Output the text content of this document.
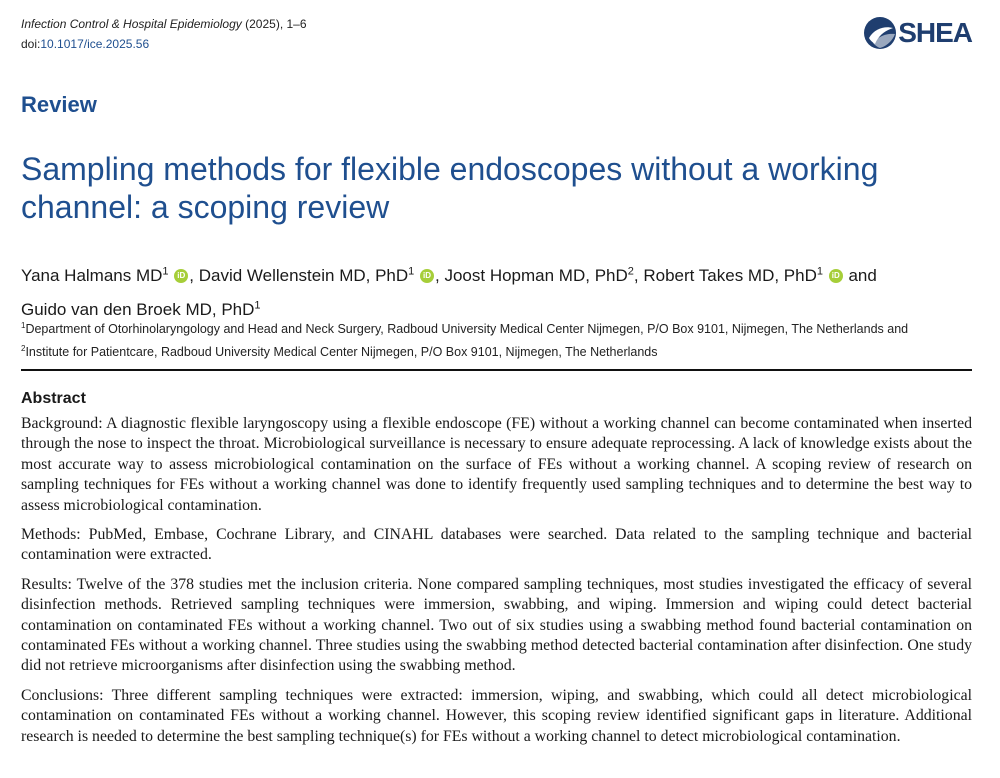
Infection Control & Hospital Epidemiology (2025), 1–6
doi:10.1017/ice.2025.56	SHEA
Review
Sampling methods for flexible endoscopes without a working channel: a scoping review
Yana Halmans $MD^1$ iD , David Wellenstein MD, PhD$^1$ iD , Joost Hopman MD, PhD$^2$, Robert Takes MD, PhD$^1$ iD and
Guido van den Broek MD, PhD$^1$
$^1$Department of Otorhinolaryngology and Head and Neck Surgery, Radboud University Medical Center Nijmegen, P/O Box 9101, Nijmegen, The Netherlands and
$^2$Institute for Patientcare, Radboud University Medical Center Nijmegen, P/O Box 9101, Nijmegen, The Netherlands
Abstract

Background: A diagnostic flexible laryngoscopy using a flexible endoscope (FE) without a working channel can become contaminated when inserted through the nose to inspect the throat. Microbiological surveillance is necessary to ensure adequate reprocessing. A lack of knowledge exists about the most accurate way to assess microbiological contamination on the surface of FEs without a working channel. A scoping review of research on sampling techniques for FEs without a working channel was done to identify frequently used sampling techniques and to determine the best way to assess microbiological contamination.

Methods: PubMed, Embase, Cochrane Library, and CINAHL databases were searched. Data related to the sampling technique and bacterial contamination were extracted.

Results: Twelve of the 378 studies met the inclusion criteria. None compared sampling techniques, most studies investigated the efficacy of several disinfection methods. Retrieved sampling techniques were immersion, swabbing, and wiping. Immersion and wiping could detect bacterial contamination on contaminated FEs without a working channel. Two out of six studies using a swabbing method found bacterial contamination on contaminated FEs without a working channel. Three studies using the swabbing method detected bacterial contamination after disinfection. One study did not retrieve microorganisms after disinfection using the swabbing method.

Conclusions: Three different sampling techniques were extracted: immersion, wiping, and swabbing, which could all detect microbiological contamination on contaminated FEs without a working channel. However, this scoping review identified significant gaps in literature. Additional research is needed to determine the best sampling technique(s) for FEs without a working channel to detect microbiological contamination.
